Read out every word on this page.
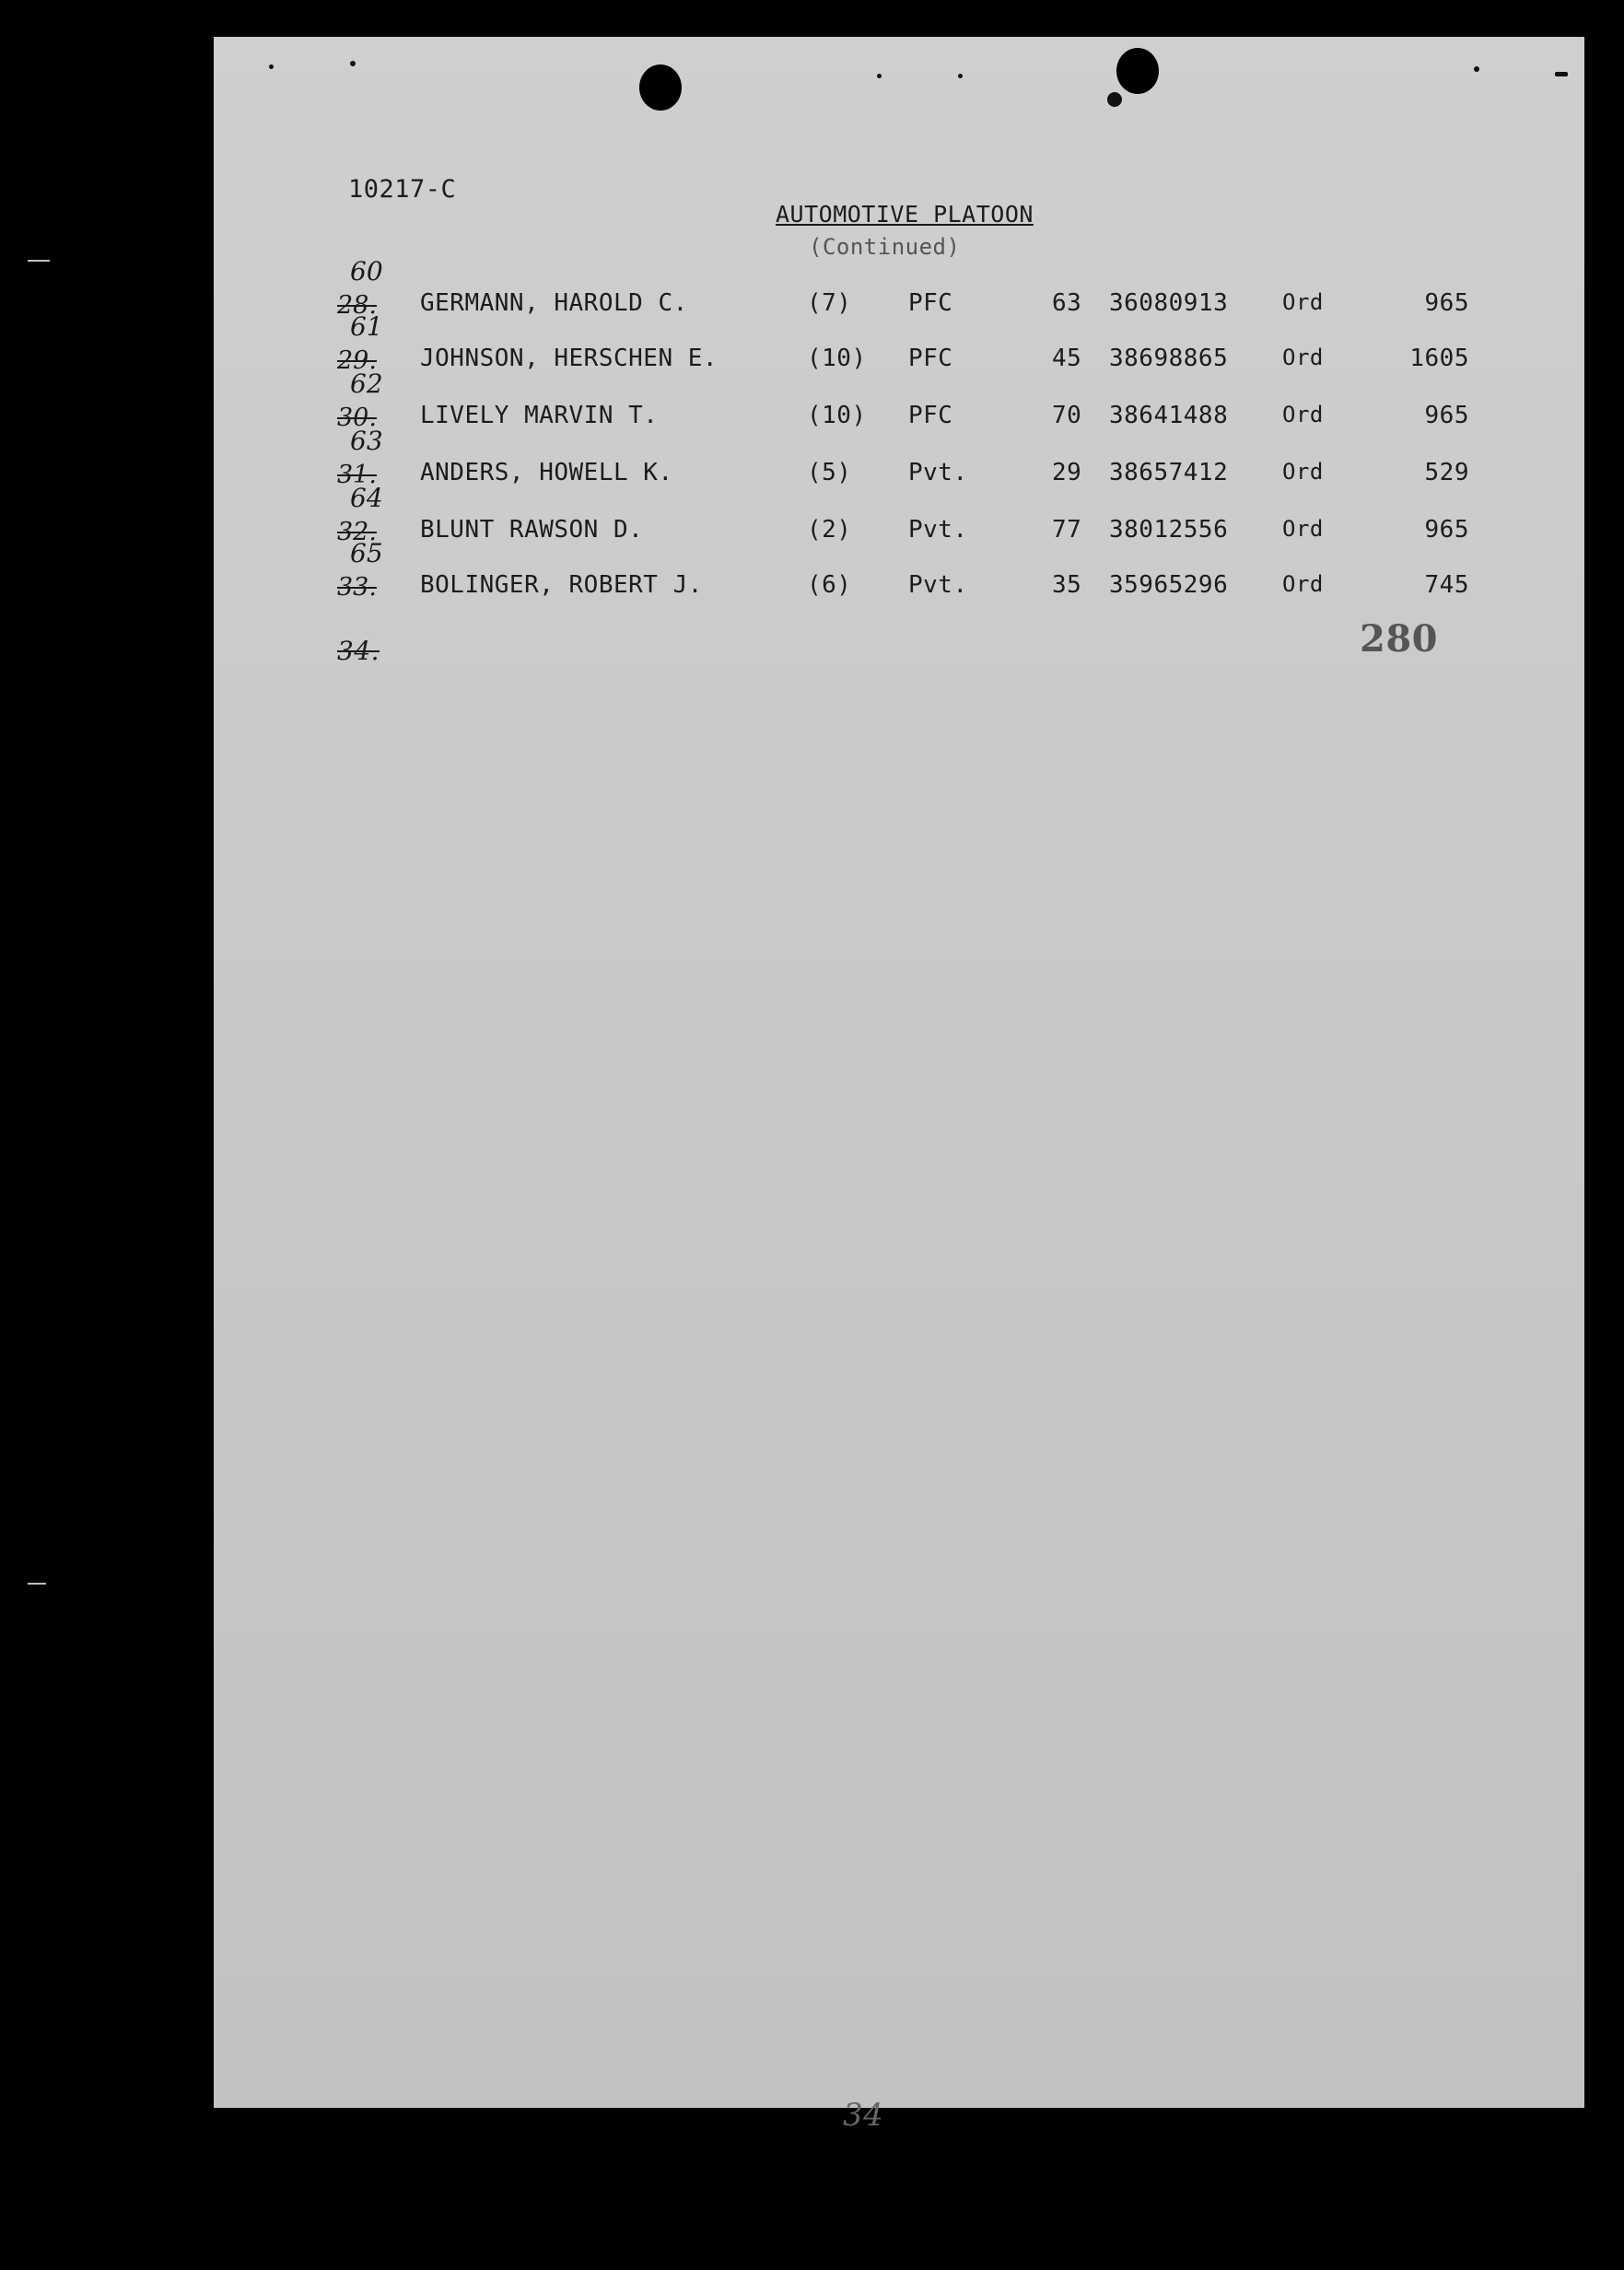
10217-C
AUTOMOTIVE PLATOON
(Continued)
60
28. GERMANN, HAROLD C.	(7) PFC	63 36080913 Ord	965
61
29. JOHNSON, HERSCHEN E.	(10) PFC	45 38698865 Ord	1605
62
30. LIVELY MARVIN T.	(10) PFC	70 38641488 Ord	965
63
31. ANDERS, HOWELL K.	(5) Pvt.	29 38657412 Ord	529
64
32. BLUNT RAWSON D.	(2) Pvt.	77 38012556 Ord	965
65
33. BOLINGER, ROBERT J.	(6) Pvt.	35 35965296 Ord	745
34.	280
34
